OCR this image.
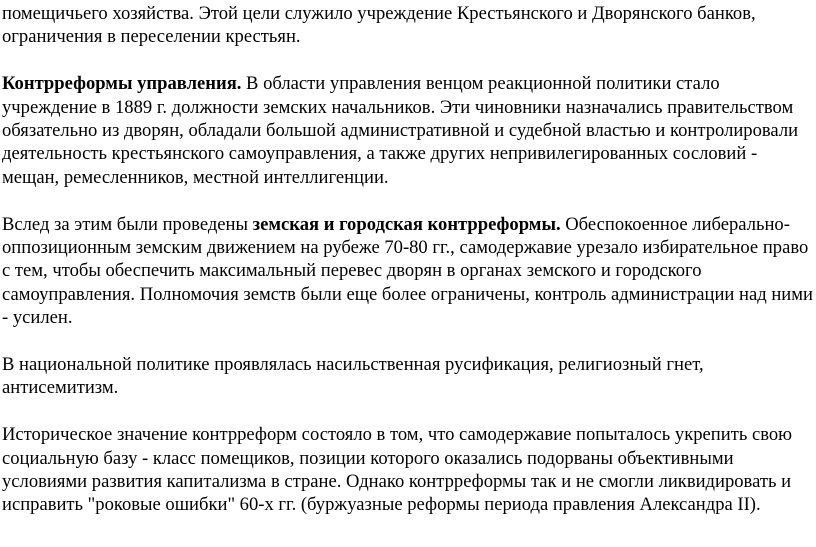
помещичьего хозяйства. Этой цели служило учреждение Крестьянского и Дворянского банков, ограничения в переселении крестьян.

Контрреформы управления. В области управления венцом реакционной политики стало учреждение в 1889 г. должности земских начальников. Эти чиновники назначались правительством обязательно из дворян, обладали большой административной и судебной властью и контролировали деятельность крестьянского самоуправления, а также других непривилегированных сословий - мещан, ремесленников, местной интеллигенции.

Вслед за этим были проведены земская и городская контрреформы. Обеспокоенное либерально-оппозиционным земским движением на рубеже 70-80 гг., самодержавие урезало избирательное право с тем, чтобы обеспечить максимальный перевес дворян в органах земского и городского самоуправления. Полномочия земств были еще более ограничены, контроль администрации над ними - усилен.

В национальной политике проявлялась насильственная русификация, религиозный гнет, антисемитизм.

Историческое значение контрреформ состояло в том, что самодержавие попыталось укрепить свою социальную базу - класс помещиков, позиции которого оказались подорваны объективными условиями развития капитализма в стране. Однако контрреформы так и не смогли ликвидировать и исправить "роковые ошибки" 60-х гг. (буржуазные реформы периода правления Александра II).
